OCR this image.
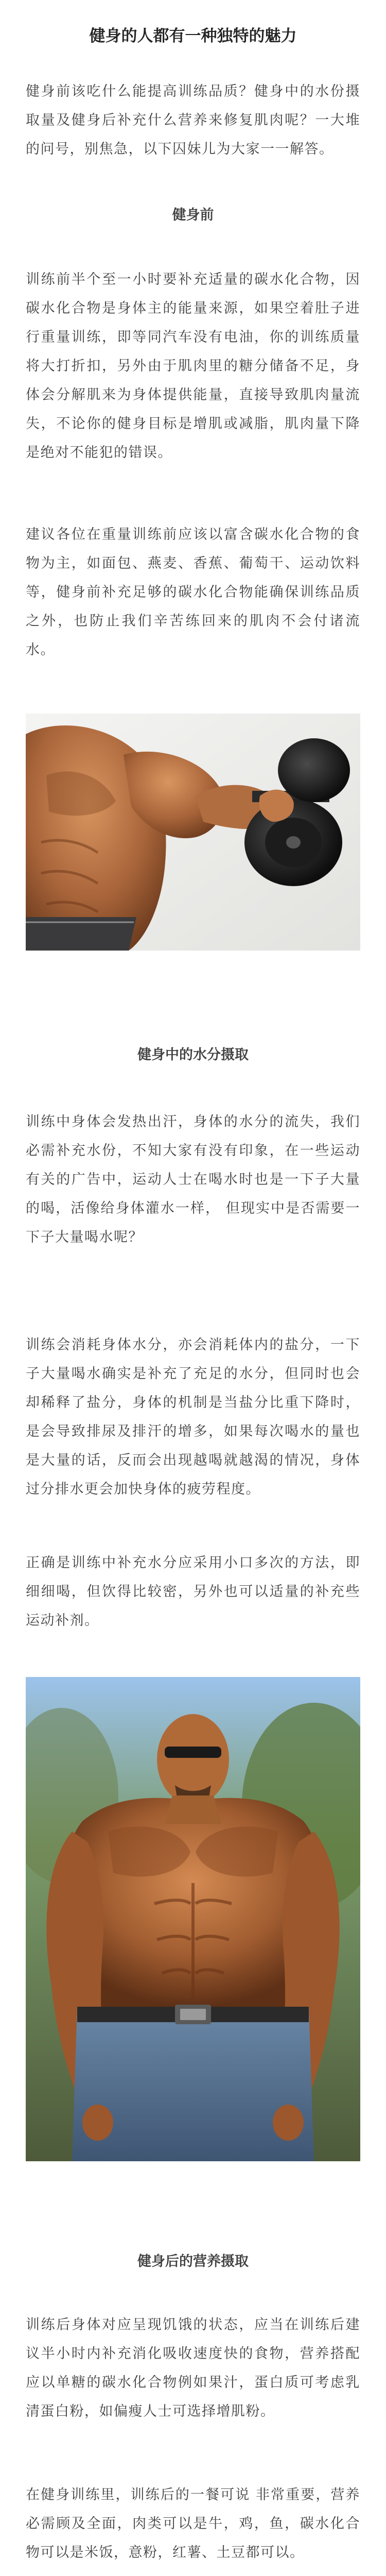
健身的人都有一种独特的魅力

健身前该吃什么能提高训练品质？健身中的水份摄取量及健身后补充什么营养来修复肌肉呢？一大堆的问号，别焦急，以下囚妹儿为大家一一解答。

健身前

训练前半个至一小时要补充适量的碳水化合物，因碳水化合物是身体主的能量来源，如果空着肚子进行重量训练，即等同汽车没有电油，你的训练质量将大打折扣，另外由于肌肉里的糖分储备不足，身体会分解肌来为身体提供能量，直接导致肌肉量流失，不论你的健身目标是增肌或减脂，肌肉量下降是绝对不能犯的错误。

建议各位在重量训练前应该以富含碳水化合物的食物为主，如面包、燕麦、香蕉、葡萄干、运动饮料等，健身前补充足够的碳水化合物能确保训练品质之外，也防止我们辛苦练回来的肌肉不会付诸流水。

健身中的水分摄取

训练中身体会发热出汗，身体的水分的流失，我们必需补充水份，不知大家有没有印象，在一些运动有关的广告中，运动人士在喝水时也是一下子大量的喝，活像给身体灌水一样， 但现实中是否需要一下子大量喝水呢？

训练会消耗身体水分，亦会消耗体内的盐分，一下子大量喝水确实是补充了充足的水分，但同时也会却稀释了盐分，身体的机制是当盐分比重下降时，是会导致排尿及排汗的增多，如果每次喝水的量也是大量的话，反而会出现越喝就越渴的情况，身体过分排水更会加快身体的疲劳程度。

正确是训练中补充水分应采用小口多次的方法，即细细喝，但饮得比较密，另外也可以适量的补充些运动补剂。

健身后的营养摄取

训练后身体对应呈现饥饿的状态，应当在训练后建议半小时内补充消化吸收速度快的食物，营养搭配应以单糖的碳水化合物例如果汁，蛋白质可考虑乳清蛋白粉，如偏瘦人士可选择增肌粉。

在健身训练里，训练后的一餐可说 非常重要，营养必需顾及全面，肉类可以是牛，鸡，鱼，碳水化合物可以是米饭，意粉，红薯、土豆都可以。
